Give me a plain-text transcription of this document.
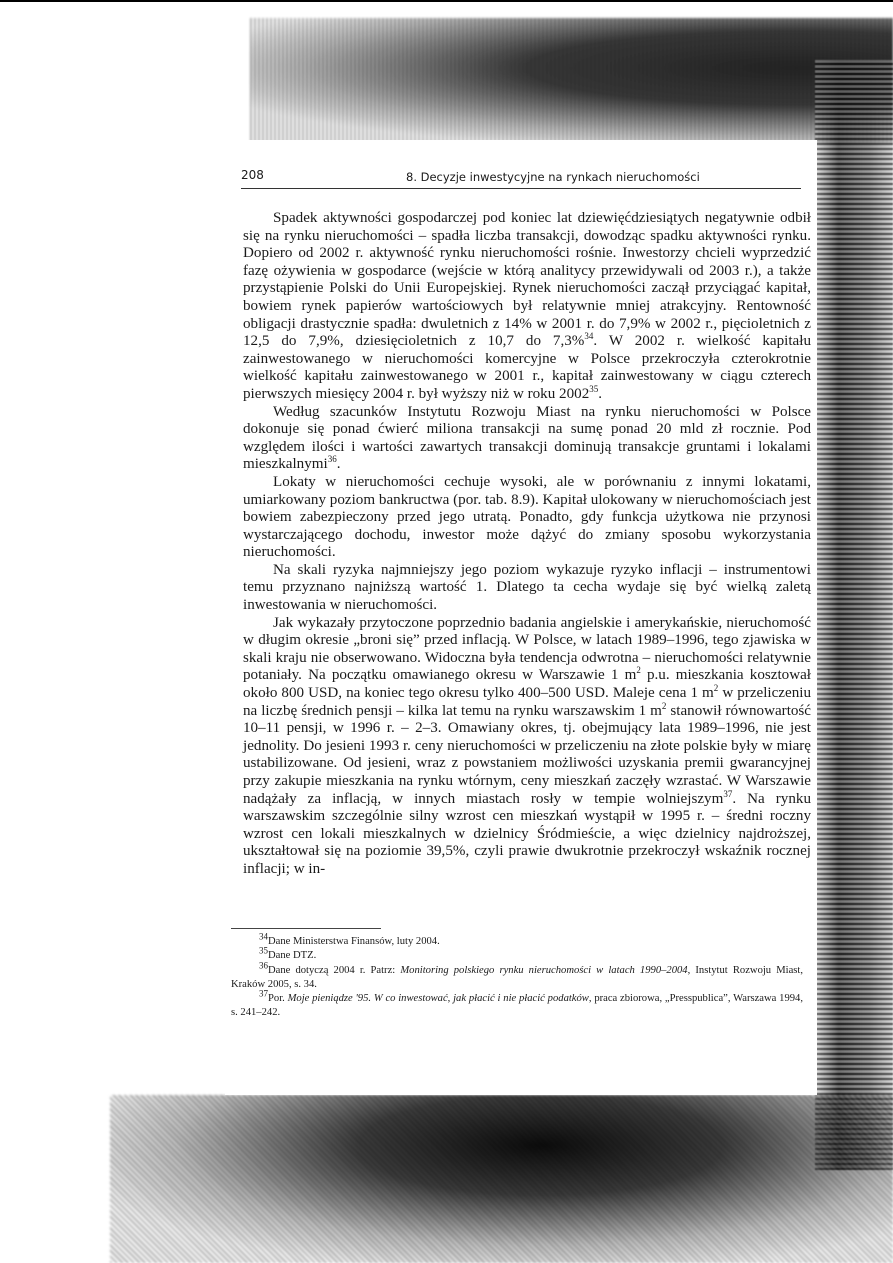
208	8. Decyzje inwestycyjne na rynkach nieruchomości

Spadek aktywności gospodarczej pod koniec lat dziewięćdziesiątych negatywnie odbił się na rynku nieruchomości – spadła liczba transakcji, dowodząc spadku aktywności rynku. Dopiero od 2002 r. aktywność rynku nieruchomości rośnie. Inwestorzy chcieli wyprzedzić fazę ożywienia w gospodarce (wejście w którą analitycy przewidywali od 2003 r.), a także przystąpienie Polski do Unii Europejskiej. Rynek nieruchomości zaczął przyciągać kapitał, bowiem rynek papierów wartościowych był relatywnie mniej atrakcyjny. Rentowność obligacji drastycznie spadła: dwuletnich z 14% w 2001 r. do 7,9% w 2002 r., pięcioletnich z 12,5 do 7,9%, dziesięcioletnich z 10,7 do 7,3%$^{34}$. W 2002 r. wielkość kapitału zainwestowanego w nieruchomości komercyjne w Polsce przekroczyła czterokrotnie wielkość kapitału zainwestowanego w 2001 r., kapitał zainwestowany w ciągu czterech pierwszych miesięcy 2004 r. był wyższy niż w roku 2002$^{35}$.

Według szacunków Instytutu Rozwoju Miast na rynku nieruchomości w Polsce dokonuje się ponad ćwierć miliona transakcji na sumę ponad 20 mld zł rocznie. Pod względem ilości i wartości zawartych transakcji dominują transakcje gruntami i lokalami mieszkalnymi$^{36}$.

Lokaty w nieruchomości cechuje wysoki, ale w porównaniu z innymi lokatami, umiarkowany poziom bankructwa (por. tab. 8.9). Kapitał ulokowany w nieruchomościach jest bowiem zabezpieczony przed jego utratą. Ponadto, gdy funkcja użytkowa nie przynosi wystarczającego dochodu, inwestor może dążyć do zmiany sposobu wykorzystania nieruchomości.

Na skali ryzyka najmniejszy jego poziom wykazuje ryzyko inflacji – instrumentowi temu przyznano najniższą wartość 1. Dlatego ta cecha wydaje się być wielką zaletą inwestowania w nieruchomości.

Jak wykazały przytoczone poprzednio badania angielskie i amerykańskie, nieruchomość w długim okresie „broni się” przed inflacją. W Polsce, w latach 1989–1996, tego zjawiska w skali kraju nie obserwowano. Widoczna była tendencja odwrotna – nieruchomości relatywnie potaniały. Na początku omawianego okresu w Warszawie 1 $m^2$ p.u. mieszkania kosztował około 800 USD, na koniec tego okresu tylko 400–500 USD. Maleje cena 1 $m^2$ w przeliczeniu na liczbę średnich pensji – kilka lat temu na rynku warszawskim 1 $m^2$ stanowił równowartość 10–11 pensji, w 1996 r. – 2–3. Omawiany okres, tj. obejmujący lata 1989–1996, nie jest jednolity. Do jesieni 1993 r. ceny nieruchomości w przeliczeniu na złote polskie były w miarę ustabilizowane. Od jesieni, wraz z powstaniem możliwości uzyskania premii gwarancyjnej przy zakupie mieszkania na rynku wtórnym, ceny mieszkań zaczęły wzrastać. W Warszawie nadążały za inflacją, w innych miastach rosły w tempie wolniejszym$^{37}$. Na rynku warszawskim szczególnie silny wzrost cen mieszkań wystąpił w 1995 r. – średni roczny wzrost cen lokali mieszkalnych w dzielnicy Śródmieście, a więc dzielnicy najdroższej, ukształtował się na poziomie 39,5%, czyli prawie dwukrotnie przekroczył wskaźnik rocznej inflacji; w in-

$^{34}$Dane Ministerstwa Finansów, luty 2004.

$^{35}$Dane DTZ.

$^{36}$Dane dotyczą 2004 r. Patrz: Monitoring polskiego rynku nieruchomości w latach 1990–2004, Instytut Rozwoju Miast, Kraków 2005, s. 34.

$^{37}$Por. Moje pieniądze '95. W co inwestować, jak płacić i nie płacić podatków, praca zbiorowa, „Presspublica”, Warszawa 1994, s. 241–242.
